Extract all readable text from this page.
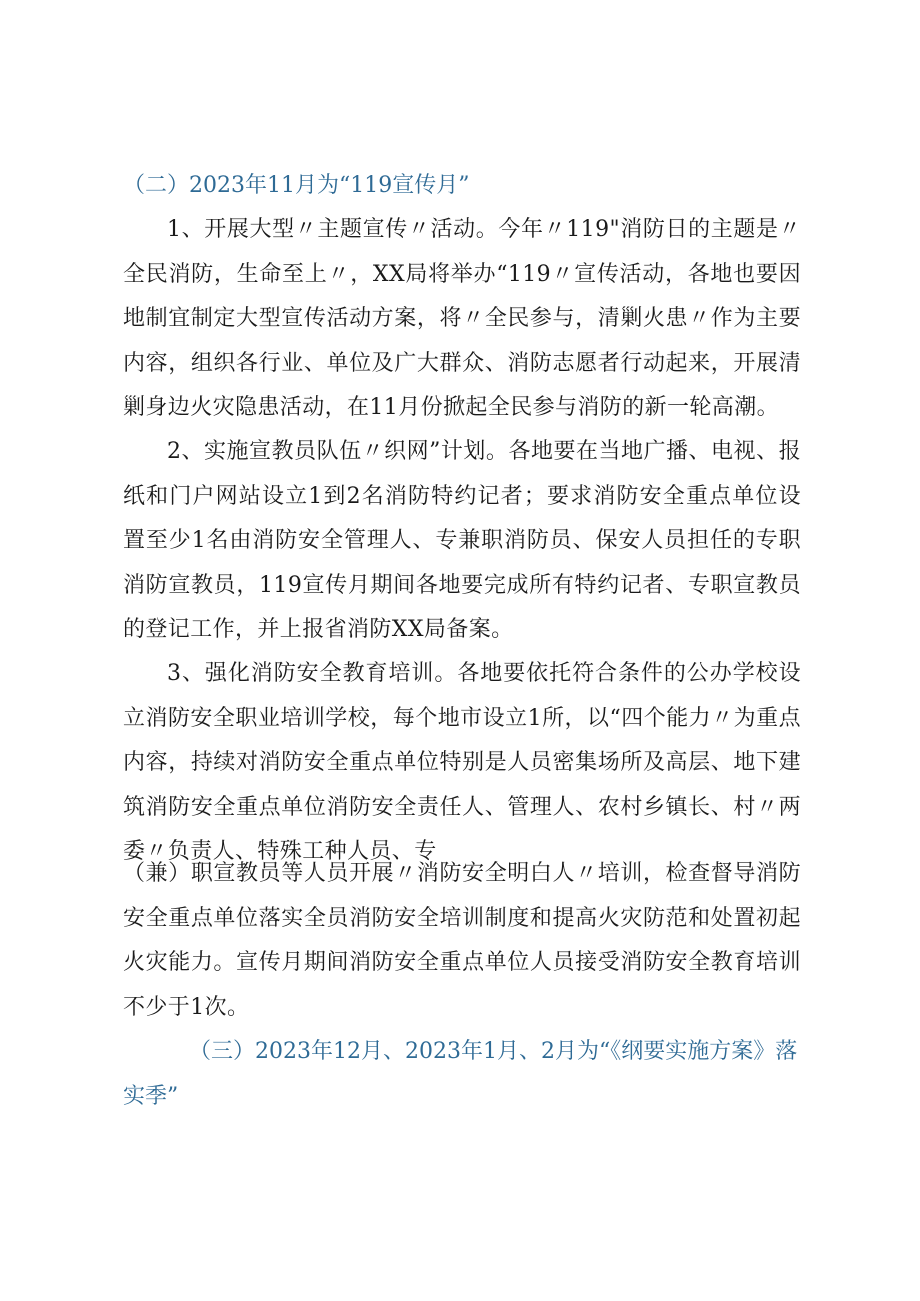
（二）2023年11月为“119宣传月”

1、开展大型〃主题宣传〃活动。今年〃119"消防日的主题是〃全民消防，生命至上〃，XX局将举办“119〃宣传活动，各地也要因地制宜制定大型宣传活动方案，将〃全民参与，清剿火患〃作为主要内容，组织各行业、单位及广大群众、消防志愿者行动起来，开展清剿身边火灾隐患活动，在11月份掀起全民参与消防的新一轮高潮。

2、实施宣教员队伍〃织网”计划。各地要在当地广播、电视、报纸和门户网站设立1到2名消防特约记者；要求消防安全重点单位设置至少1名由消防安全管理人、专兼职消防员、保安人员担任的专职消防宣教员，119宣传月期间各地要完成所有特约记者、专职宣教员的登记工作，并上报省消防XX局备案。

3、强化消防安全教育培训。各地要依托符合条件的公办学校设立消防安全职业培训学校，每个地市设立1所，以“四个能力〃为重点内容，持续对消防安全重点单位特别是人员密集场所及高层、地下建筑消防安全重点单位消防安全责任人、管理人、农村乡镇长、村〃两委〃负责人、特殊工种人员、专

（兼）职宣教员等人员开展〃消防安全明白人〃培训，检查督导消防安全重点单位落实全员消防安全培训制度和提高火灾防范和处置初起火灾能力。宣传月期间消防安全重点单位人员接受消防安全教育培训不少于1次。

（三）2023年12月、2023年1月、2月为“《纲要实施方案》落实季”
